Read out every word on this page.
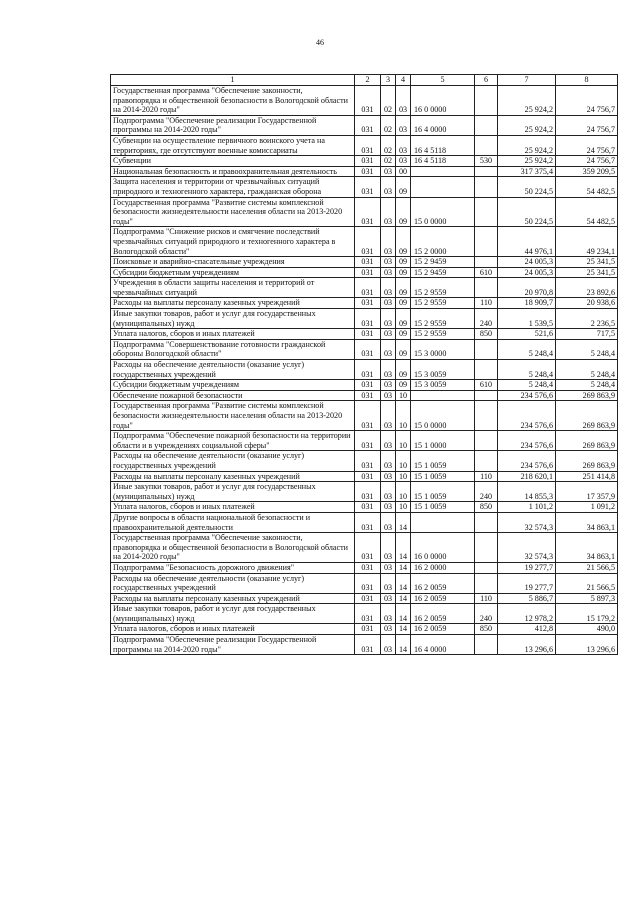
46
1	2	3	4	5	6	7	8
Государственная программа "Обеспечение законности, правопорядка и общественной безопасности в Вологодской области на 2014-2020 годы"	031	02	03	16 0 0000		25 924,2	24 756,7
Подпрограмма "Обеспечение реализации Государственной программы на 2014-2020 годы"	031	02	03	16 4 0000		25 924,2	24 756,7
Субвенции на осуществление первичного воинского учета на территориях, где отсутствуют военные комиссариаты	031	02	03	16 4 5118		25 924,2	24 756,7
Субвенции	031	02	03	16 4 5118	530	25 924,2	24 756,7
Национальная безопасность и правоохранительная деятельность	031	03	00			317 375,4	359 209,5
Защита населения и территории от чрезвычайных ситуаций природного и техногенного характера, гражданская оборона	031	03	09			50 224,5	54 482,5
Государственная программа "Развитие системы комплексной безопасности жизнедеятельности населения области на 2013-2020 годы"	031	03	09	15 0 0000		50 224,5	54 482,5
Подпрограмма "Снижение рисков и смягчение последствий чрезвычайных ситуаций природного и техногенного характера в Вологодской области"	031	03	09	15 2 0000		44 976,1	49 234,1
Поисковые и аварийно-спасательные учреждения	031	03	09	15 2 9459		24 005,3	25 341,5
Субсидии бюджетным учреждениям	031	03	09	15 2 9459	610	24 005,3	25 341,5
Учреждения в области защиты населения и территорий от чрезвычайных ситуаций	031	03	09	15 2 9559		20 970,8	23 892,6
Расходы на выплаты персоналу казенных учреждений	031	03	09	15 2 9559	110	18 909,7	20 938,6
Иные закупки товаров, работ и услуг для государственных (муниципальных) нужд	031	03	09	15 2 9559	240	1 539,5	2 236,5
Уплата налогов, сборов и иных платежей	031	03	09	15 2 9559	850	521,6	717,5
Подпрограмма "Совершенствование готовности гражданской обороны Вологодской области"	031	03	09	15 3 0000		5 248,4	5 248,4
Расходы на обеспечение деятельности (оказание услуг) государственных учреждений	031	03	09	15 3 0059		5 248,4	5 248,4
Субсидии бюджетным учреждениям	031	03	09	15 3 0059	610	5 248,4	5 248,4
Обеспечение пожарной безопасности	031	03	10			234 576,6	269 863,9
Государственная программа "Развитие системы комплексной безопасности жизнедеятельности населения области на 2013-2020 годы"	031	03	10	15 0 0000		234 576,6	269 863,9
Подпрограмма "Обеспечение пожарной безопасности на территории области и в учреждениях социальной сферы"	031	03	10	15 1 0000		234 576,6	269 863,9
Расходы на обеспечение деятельности (оказание услуг) государственных учреждений	031	03	10	15 1 0059		234 576,6	269 863,9
Расходы на выплаты персоналу казенных учреждений	031	03	10	15 1 0059	110	218 620,1	251 414,8
Иные закупки товаров, работ и услуг для государственных (муниципальных) нужд	031	03	10	15 1 0059	240	14 855,3	17 357,9
Уплата налогов, сборов и иных платежей	031	03	10	15 1 0059	850	1 101,2	1 091,2
Другие вопросы в области национальной безопасности и правоохранительной деятельности	031	03	14			32 574,3	34 863,1
Государственная программа "Обеспечение законности, правопорядка и общественной безопасности в Вологодской области на 2014-2020 годы"	031	03	14	16 0 0000		32 574,3	34 863,1
Подпрограмма "Безопасность дорожного движения"	031	03	14	16 2 0000		19 277,7	21 566,5
Расходы на обеспечение деятельности (оказание услуг) государственных учреждений	031	03	14	16 2 0059		19 277,7	21 566,5
Расходы на выплаты персоналу казенных учреждений	031	03	14	16 2 0059	110	5 886,7	5 897,3
Иные закупки товаров, работ и услуг для государственных (муниципальных) нужд	031	03	14	16 2 0059	240	12 978,2	15 179,2
Уплата налогов, сборов и иных платежей	031	03	14	16 2 0059	850	412,8	490,0
Подпрограмма "Обеспечение реализации Государственной программы на 2014-2020 годы"	031	03	14	16 4 0000		13 296,6	13 296,6
